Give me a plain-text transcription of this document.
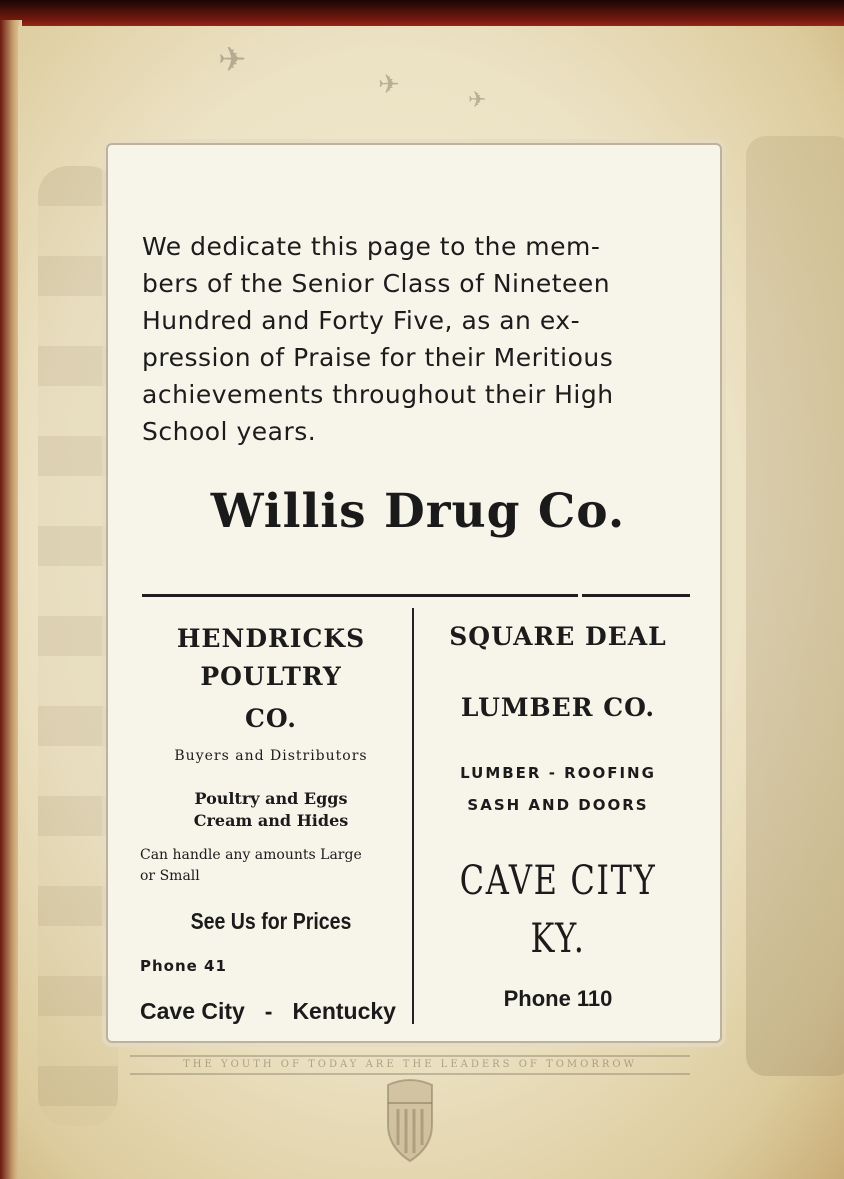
✈
✈
✈
We dedicate this page to the mem-
bers of the Senior Class of Nineteen
Hundred and Forty Five, as an ex-
pression of Praise for their Meritious
achievements throughout their High
School years.
Willis Drug Co.
HENDRICKS
POULTRY
CO.
Buyers and Distributors
Poultry and Eggs
Cream and Hides
Can handle any amounts Large
or Small
See Us for Prices
Phone 41
Cave City - Kentucky
SQUARE DEAL
LUMBER CO.
LUMBER - ROOFING
SASH AND DOORS
CAVE CITY
KY.
Phone 110
THE YOUTH OF TODAY ARE THE LEADERS OF TOMORROW
